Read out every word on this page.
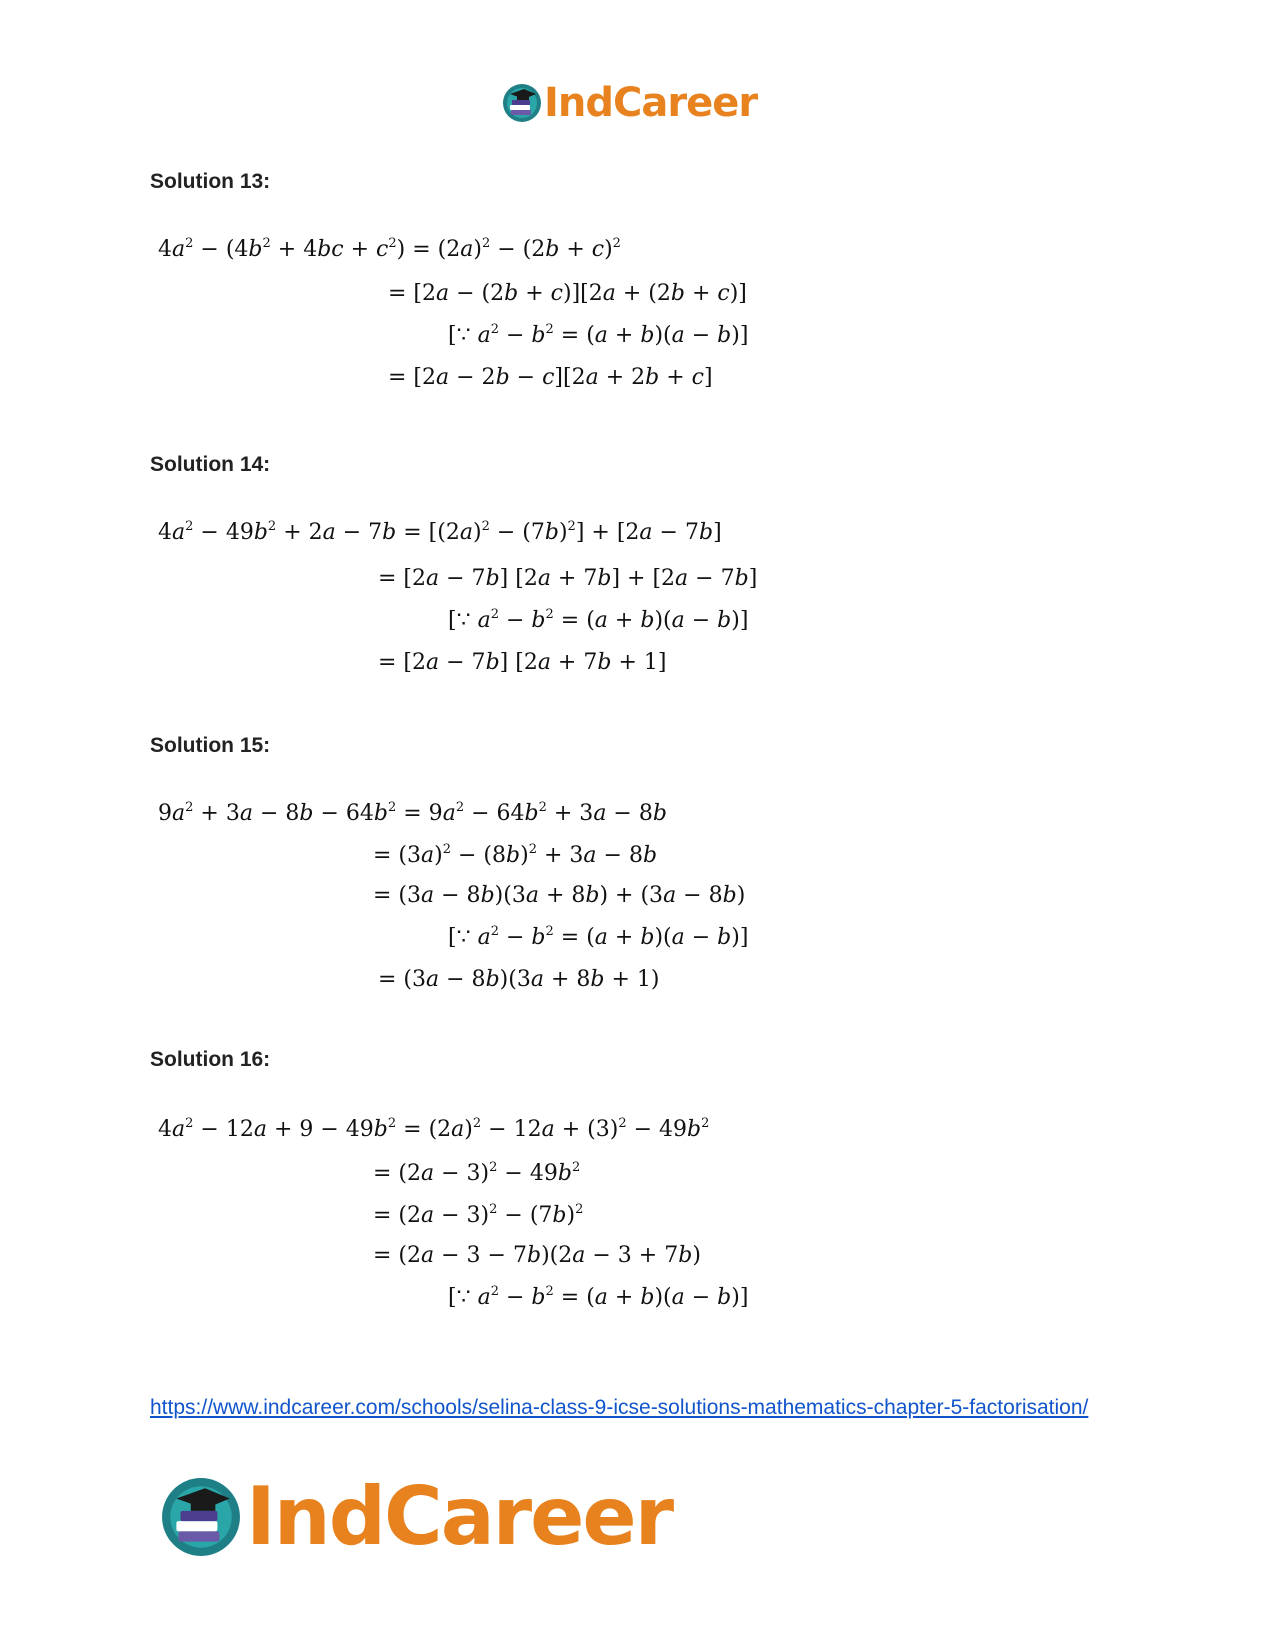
IndCareer
Solution 13:
$4a^2 - (4b^2 + 4bc + c^2) = (2a)^2 - (2b + c)^2$
= [2a − (2b + c)][2a + (2b + c)]
[∵ $a^2 - b^2 = (a + b)(a - b)$]
= [2a − 2b − c][2a + 2b + c]
Solution 14:
$4a^2 - 49b^2 + 2a - 7b = [(2a)^2 - (7b)^2] + [2a - 7b]$
= [2a − 7b] [2a + 7b] + [2a − 7b]
[∵ $a^2 - b^2 = (a + b)(a - b)$]
= [2a − 7b] [2a + 7b + 1]
Solution 15:
$9a^2 + 3a - 8b - 64b^2 = 9a^2 - 64b^2 + 3a - 8b$
= $(3a)^2 - (8b)^2 + 3a - 8b$
= (3a − 8b)(3a + 8b) + (3a − 8b)
[∵ $a^2 - b^2 = (a + b)(a - b)$]
= (3a − 8b)(3a + 8b + 1)
Solution 16:
$4a^2 - 12a + 9 - 49b^2 = (2a)^2 - 12a + (3)^2 - 49b^2$
= $(2a - 3)^2 - 49b^2$
= $(2a - 3)^2 - (7b)^2$
= (2a − 3 − 7b)(2a − 3 + 7b)
[∵ $a^2 - b^2 = (a + b)(a - b)$]
https://www.indcareer.com/schools/selina-class-9-icse-solutions-mathematics-chapter-5-factorisation/
IndCareer
